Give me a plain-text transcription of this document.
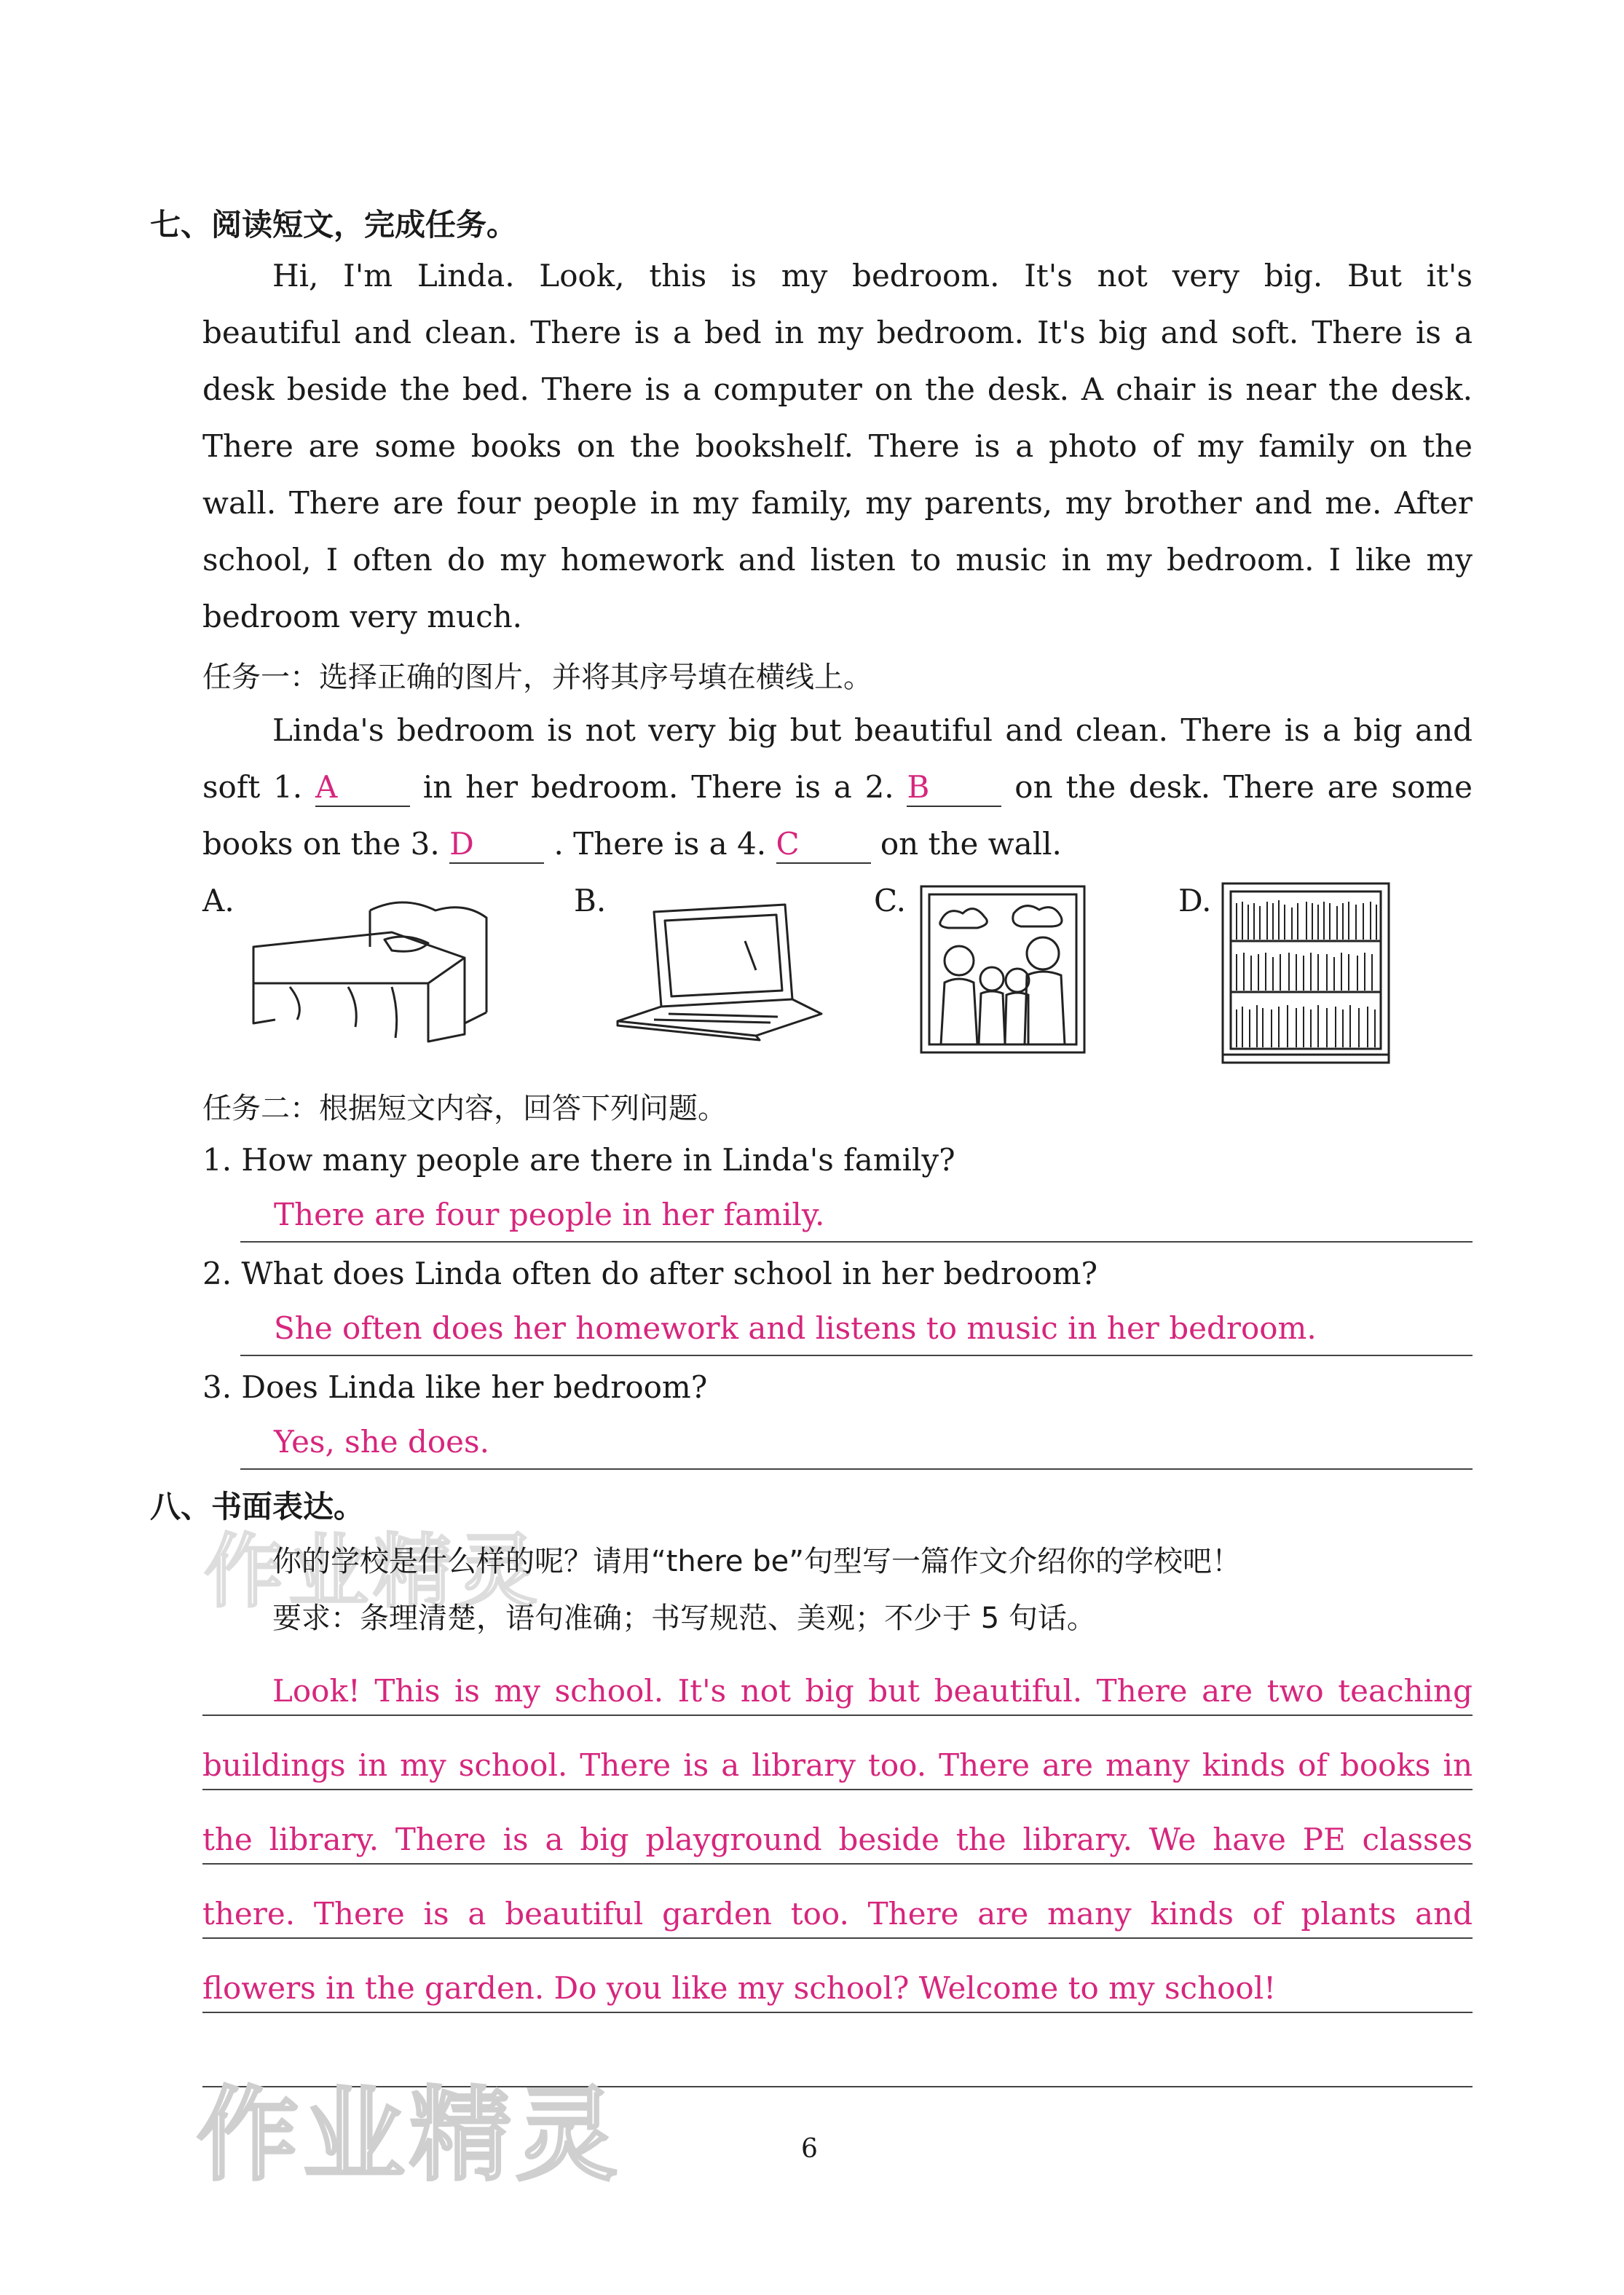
七、阅读短文，完成任务。
Hi, I'm Linda. Look, this is my bedroom. It's not very big. But it's
beautiful and clean. There is a bed in my bedroom. It's big and soft. There is a
desk beside the bed. There is a computer on the desk. A chair is near the desk.
There are some books on the bookshelf. There is a photo of my family on the
wall. There are four people in my family, my parents, my brother and me. After
school, I often do my homework and listen to music in my bedroom. I like my
bedroom very much.
任务一：选择正确的图片，并将其序号填在横线上。
Linda's bedroom is not very big but beautiful and clean. There is a big and
soft 1. A	in her bedroom. There is a 2. B	on the desk. There are some
books on the 3. D	. There is a 4. C	on the wall.
A.	B.	C.	D.
任务二：根据短文内容，回答下列问题。
1. How many people are there in Linda's family?
There are four people in her family.
2. What does Linda often do after school in her bedroom?
She often does her homework and listens to music in her bedroom.
3. Does Linda like her bedroom?
Yes, she does.
八、书面表达。
作业精灵
你的学校是什么样的呢？请用“there be”句型写一篇作文介绍你的学校吧！
要求：条理清楚，语句准确；书写规范、美观；不少于 5 句话。
Look! This is my school. It's not big but beautiful. There are two teaching
buildings in my school. There is a library too. There are many kinds of books in
the library. There is a big playground beside the library. We have PE classes
there. There is a beautiful garden too. There are many kinds of plants and
flowers in the garden. Do you like my school? Welcome to my school!
作业精灵	6
